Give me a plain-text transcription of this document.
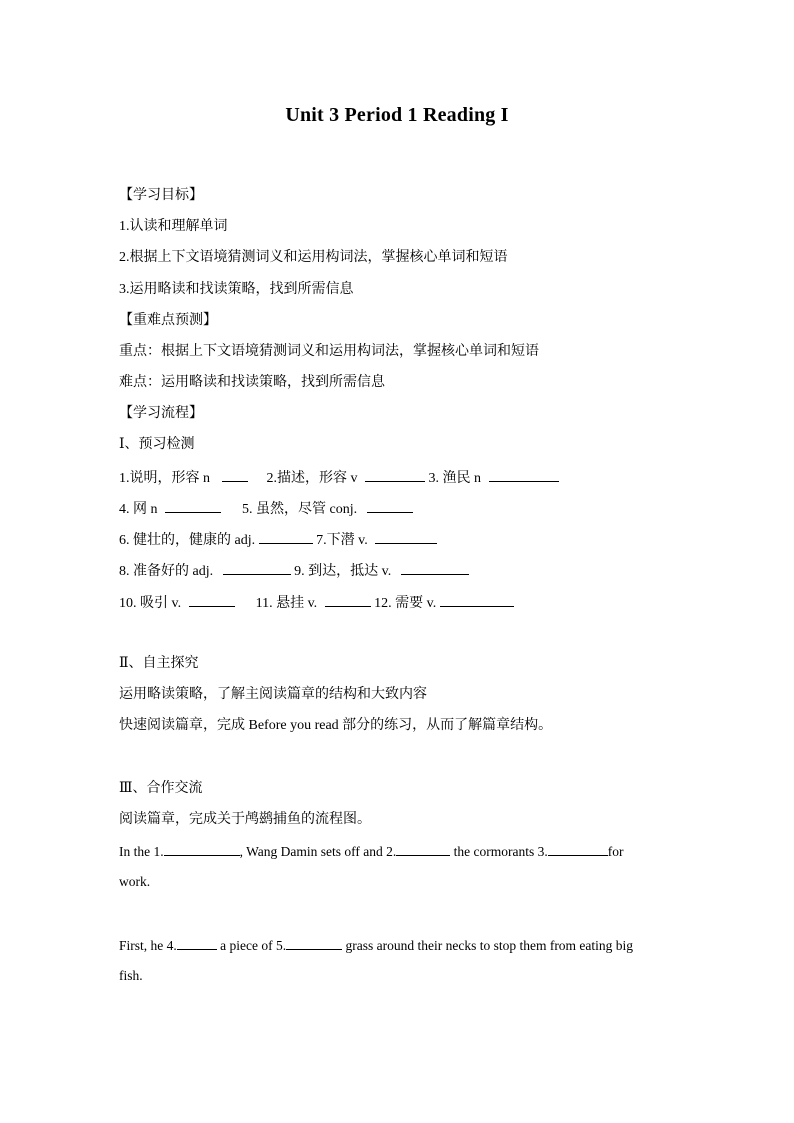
Unit 3 Period 1 Reading I
【学习目标】
1.认读和理解单词
2.根据上下文语境猜测词义和运用构词法，掌握核心单词和短语
3.运用略读和找读策略，找到所需信息
【重难点预测】
重点：根据上下文语境猜测词义和运用构词法，掌握核心单词和短语
难点：运用略读和找读策略，找到所需信息
【学习流程】
Ⅰ、预习检测
1.说明，形容 n	2.描述，形容 v	3. 渔民 n
4. 网 n	5. 虽然，尽管 conj.
6. 健壮的，健康的 adj.	7.下潜 v.
8. 准备好的 adj.	9. 到达，抵达 v.
10. 吸引 v.	11. 悬挂 v.	12. 需要 v.
Ⅱ、自主探究
运用略读策略，了解主阅读篇章的结构和大致内容
快速阅读篇章，完成 Before you read 部分的练习，从而了解篇章结构。
Ⅲ、合作交流
阅读篇章，完成关于鸬鹚捕鱼的流程图。
In the 1.	, Wang Damin sets off and 2.	the cormorants 3.	for
work.
First, he 4.	a piece of 5.	grass around their necks to stop them from eating big
fish.
